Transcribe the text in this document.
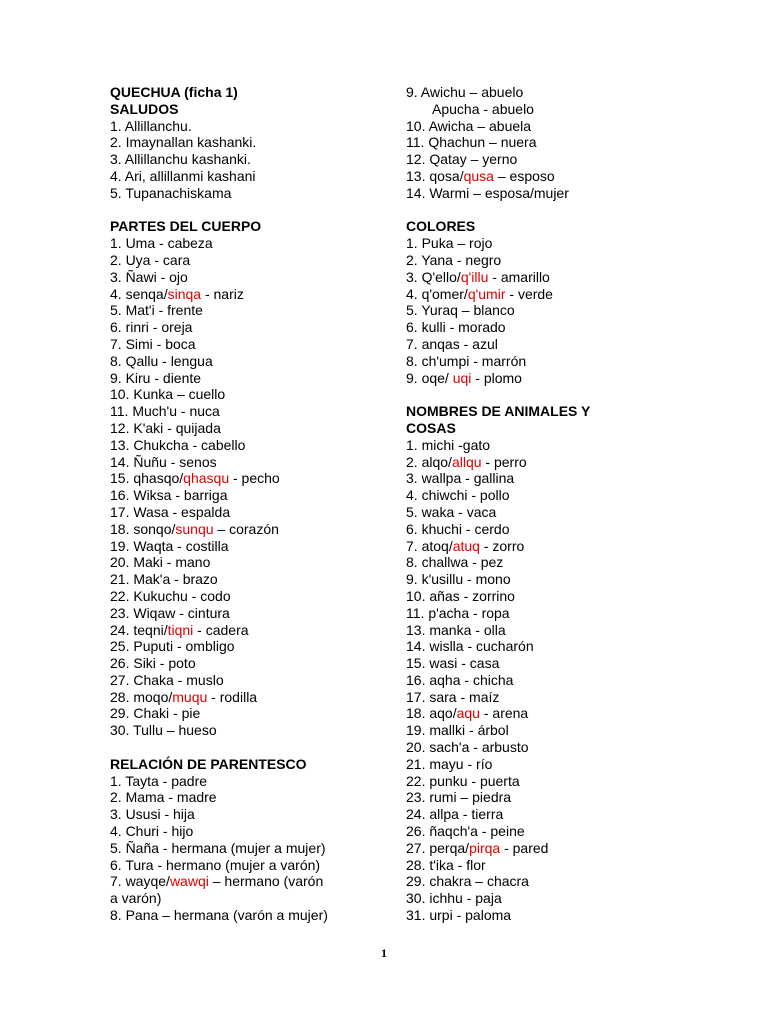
QUECHUA (ficha 1)
SALUDOS
1. Allillanchu.
2. Imaynallan kashanki.
3. Allillanchu kashanki.
4. Ari, allillanmi kashani
5. Tupanachiskama
PARTES DEL CUERPO
1. Uma - cabeza
2. Uya - cara
3. Ñawi - ojo
4. senqa/sinqa - nariz
5. Mat'i - frente
6. rinri - oreja
7. Simi - boca
8. Qallu - lengua
9. Kiru - diente
10. Kunka – cuello
11. Much'u - nuca
12. K'aki - quijada
13. Chukcha - cabello
14. Ñuñu - senos
15. qhasqo/qhasqu - pecho
16. Wiksa - barriga
17. Wasa - espalda
18. sonqo/sunqu – corazón
19. Waqta - costilla
20. Maki - mano
21. Mak'a - brazo
22. Kukuchu - codo
23. Wiqaw - cintura
24. teqni/tiqni - cadera
25. Puputi - ombligo
26. Siki - poto
27. Chaka - muslo
28. moqo/muqu - rodilla
29. Chaki - pie
30. Tullu – hueso
RELACIÓN DE PARENTESCO
1. Tayta - padre
2. Mama - madre
3. Ususi - hija
4. Churi - hijo
5. Ñaña - hermana (mujer a mujer)
6. Tura - hermano (mujer a varón)
7. wayqe/wawqi – hermano (varón
a varón)
8. Pana – hermana (varón a mujer)
9. Awichu – abuelo
Apucha - abuelo
10. Awicha – abuela
11. Qhachun – nuera
12. Qatay – yerno
13. qosa/qusa – esposo
14. Warmi – esposa/mujer
COLORES
1. Puka – rojo
2. Yana - negro
3. Q'ello/q'illu - amarillo
4. q'omer/q'umir - verde
5. Yuraq – blanco
6. kulli - morado
7. anqas - azul
8. ch'umpi - marrón
9. oqe/ uqi - plomo
NOMBRES DE ANIMALES Y
COSAS
1. michi -gato
2. alqo/allqu - perro
3. wallpa - gallina
4. chiwchi - pollo
5. waka - vaca
6. khuchi - cerdo
7. atoq/atuq - zorro
8. challwa - pez
9. k'usillu - mono
10. añas - zorrino
11. p'acha - ropa
13. manka - olla
14. wislla - cucharón
15. wasi - casa
16. aqha - chicha
17. sara - maíz
18. aqo/aqu - arena
19. mallki - árbol
20. sach'a - arbusto
21. mayu - río
22. punku - puerta
23. rumi – piedra
24. allpa - tierra
26. ñaqch'a - peine
27. perqa/pirqa - pared
28. t'ika - flor
29. chakra – chacra
30. ichhu - paja
31. urpi - paloma
1
